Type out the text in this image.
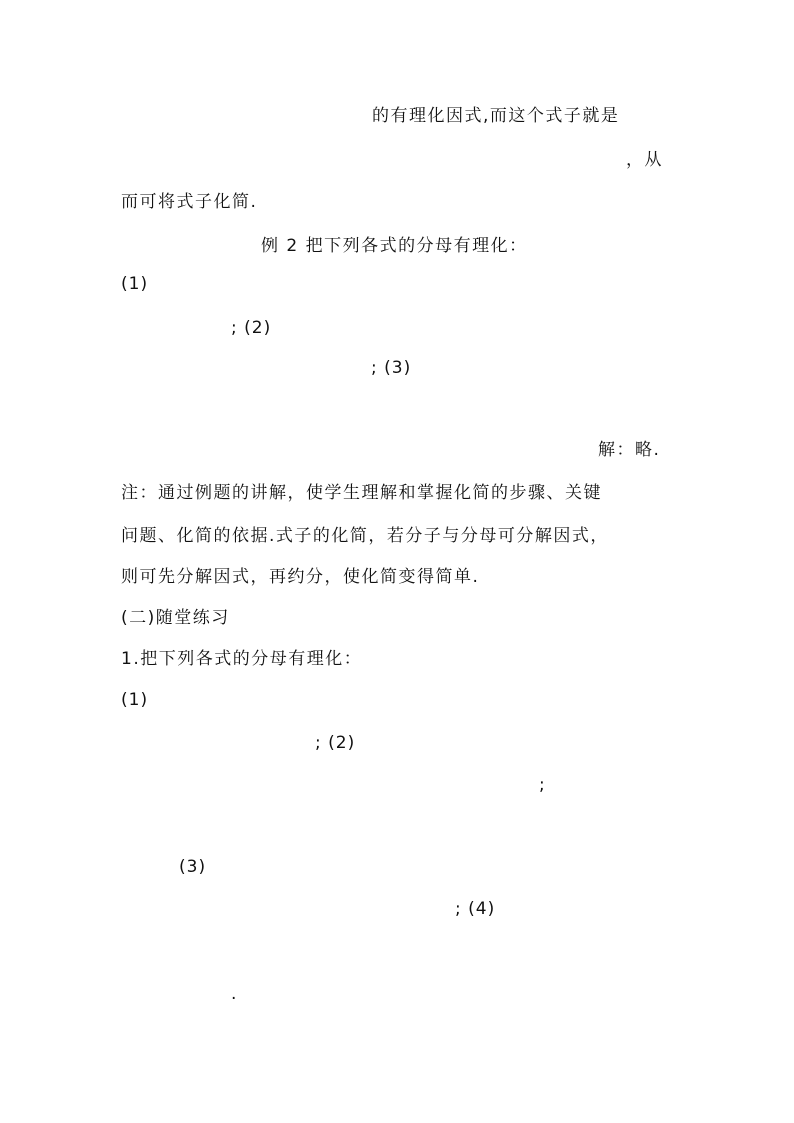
的有理化因式,而这个式子就是
，从
而可将式子化简.
例 2 把下列各式的分母有理化：
(1)
; (2)
; (3)
解：略.
注：通过例题的讲解，使学生理解和掌握化简的步骤、关键
问题、化简的依据.式子的化简，若分子与分母可分解因式，
则可先分解因式，再约分，使化简变得简单.
(二)随堂练习
1.把下列各式的分母有理化：
(1)
; (2)
;
(3)
; (4)
.
